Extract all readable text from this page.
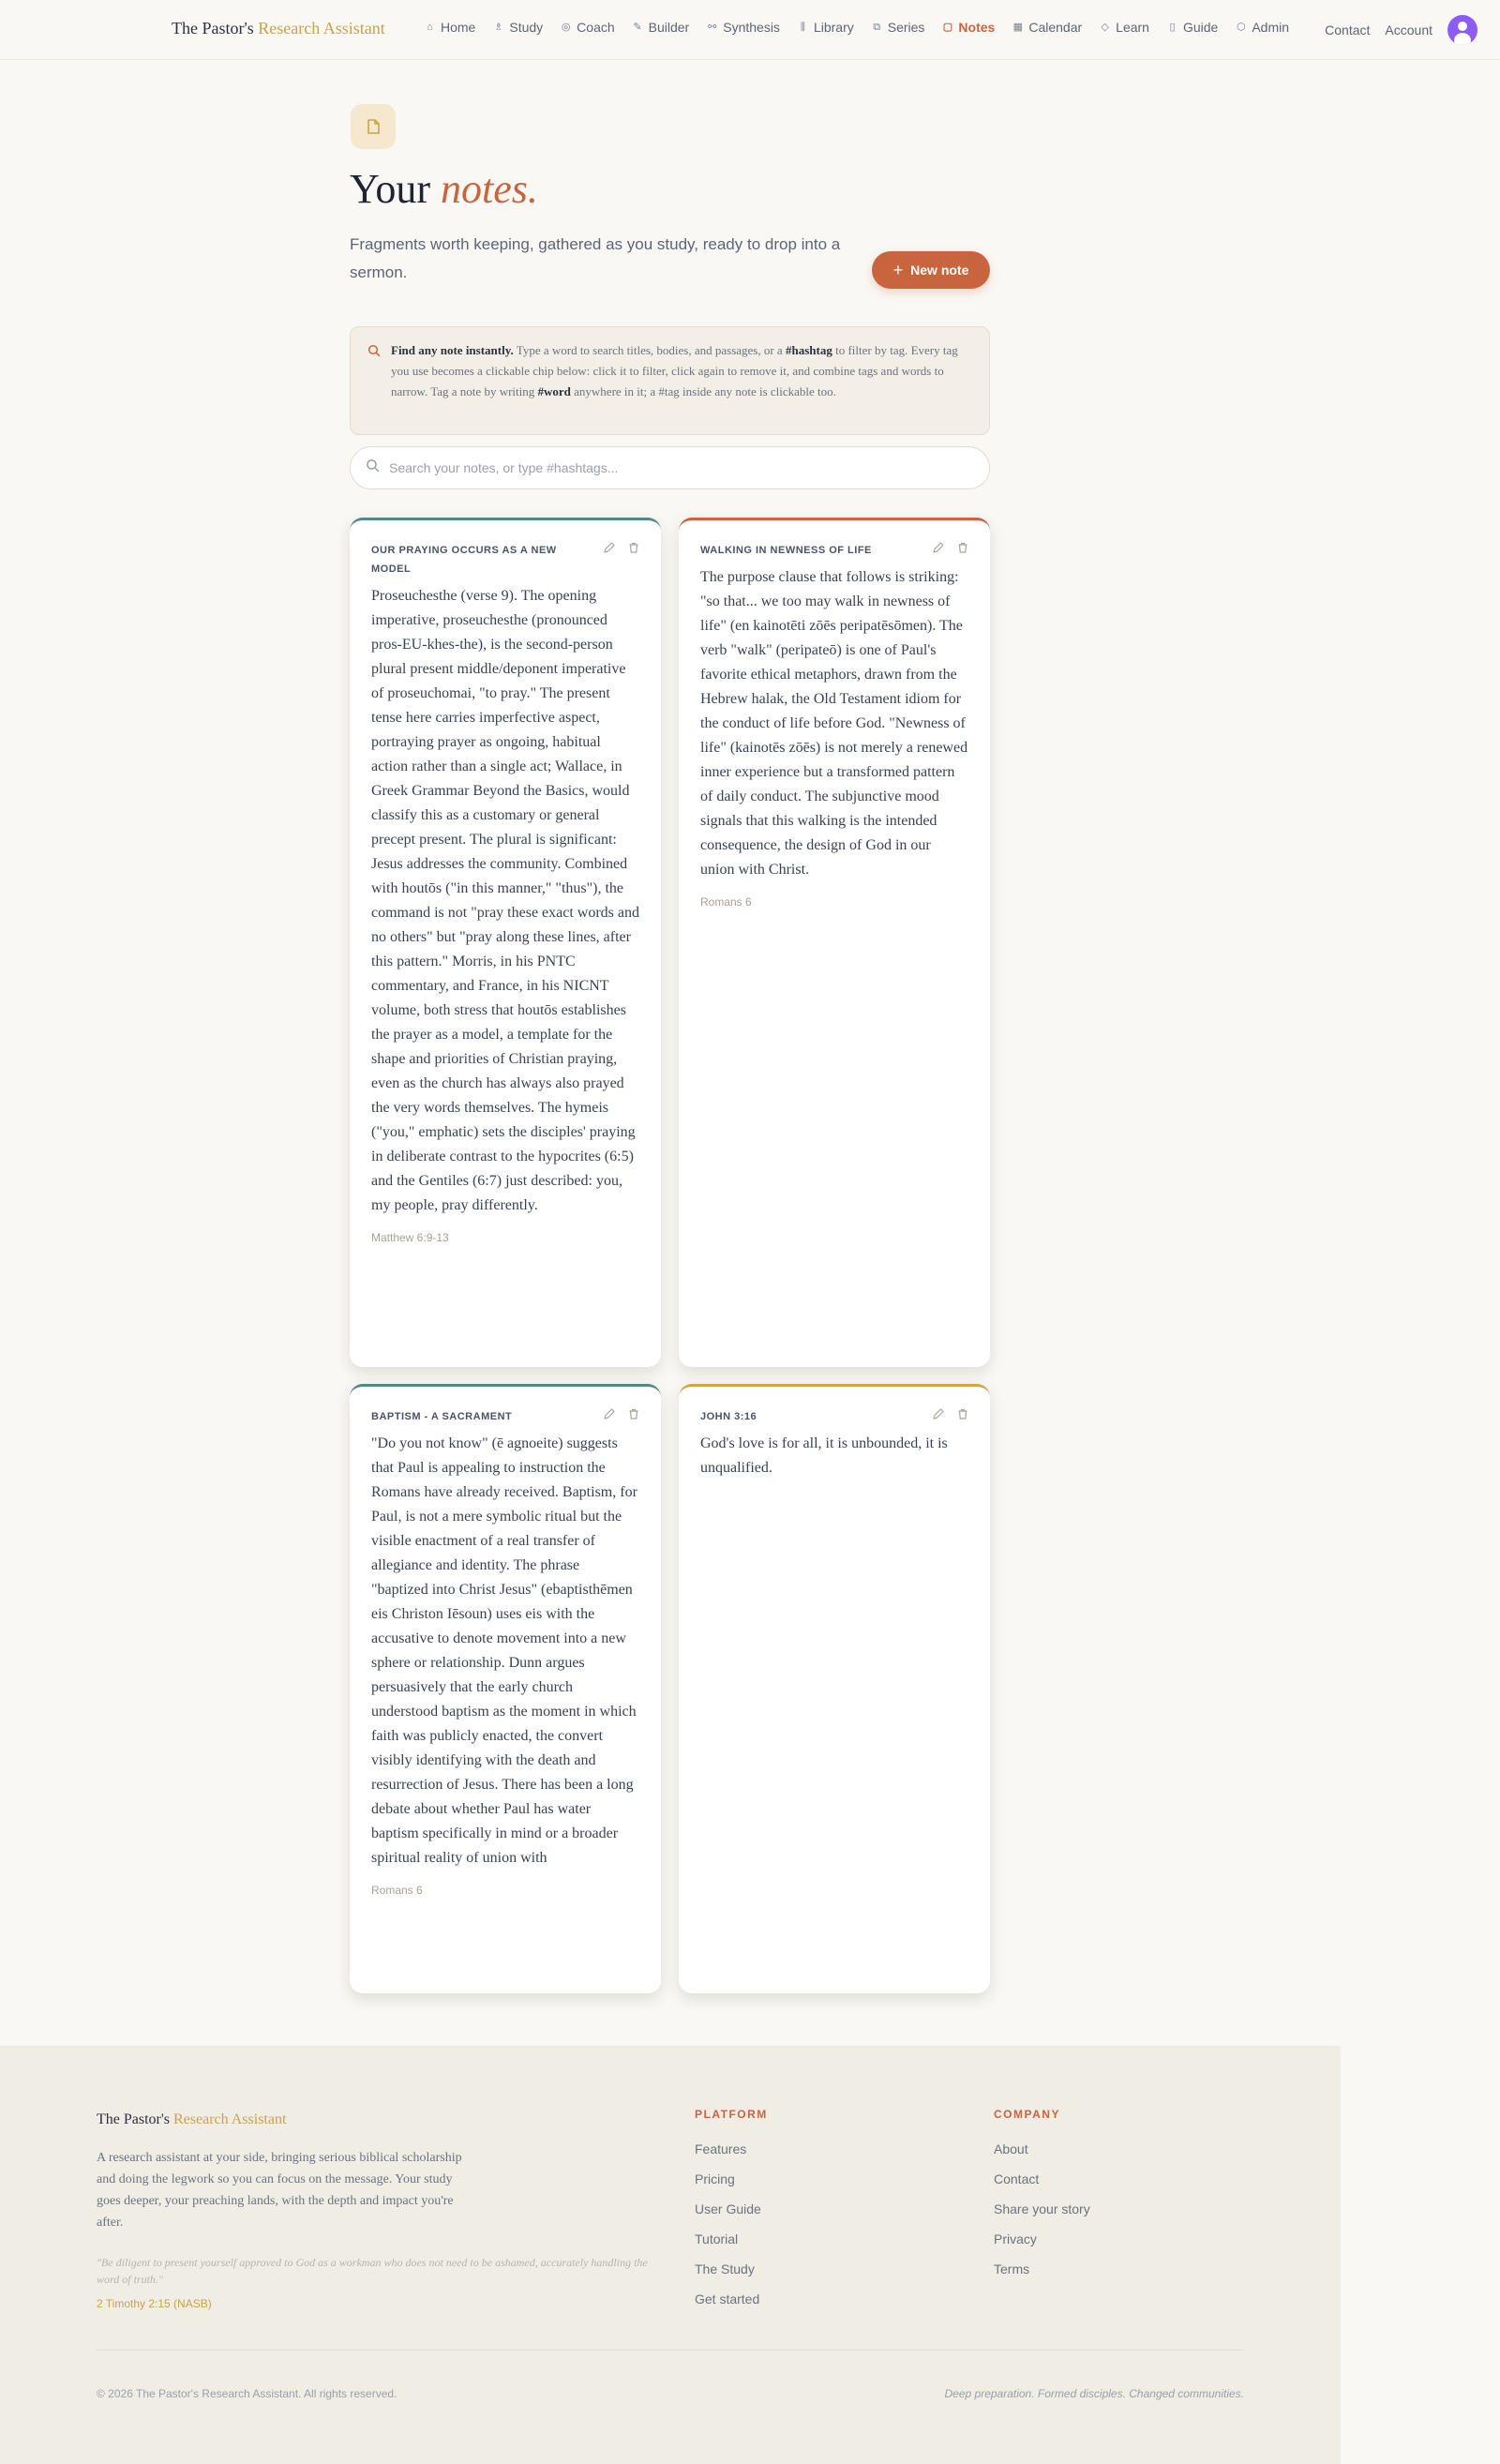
The Pastor's Research Assistant	⌂ Home ♗ Study ◎ Coach ✎ Builder ⚯ Synthesis	⫼ Library ⧉ Series ▢ Notes ▦ Calendar ◇ Learn	▯ Guide ⬡ Admin	Contact Account
Your notes.
Fragments worth keeping, gathered as you study, ready to drop into a sermon.	+ New note
Find any note instantly. Type a word to search titles, bodies, and passages, or a #hashtag to filter by tag. Every tag you use becomes a clickable chip below: click it to filter, click again to remove it, and combine tags and words to narrow. Tag a note by writing #word anywhere in it; a #tag inside any note is clickable too.
Search your notes, or type #hashtags...
OUR PRAYING OCCURS AS A NEW MODEL
Proseuchesthe (verse 9). The opening imperative, proseuchesthe (pronounced pros-EU-khes-the), is the second-person plural present middle/deponent imperative of proseuchomai, "to pray." The present tense here carries imperfective aspect, portraying prayer as ongoing, habitual action rather than a single act; Wallace, in Greek Grammar Beyond the Basics, would classify this as a customary or general precept present. The plural is significant: Jesus addresses the community. Combined with houtōs ("in this manner," "thus"), the command is not "pray these exact words and no others" but "pray along these lines, after this pattern." Morris, in his PNTC commentary, and France, in his NICNT volume, both stress that houtōs establishes the prayer as a model, a template for the shape and priorities of Christian praying, even as the church has always also prayed the very words themselves. The hymeis ("you," emphatic) sets the disciples' praying in deliberate contrast to the hypocrites (6:5) and the Gentiles (6:7) just described: you, my people, pray differently.
Matthew 6:9-13
WALKING IN NEWNESS OF LIFE
The purpose clause that follows is striking: "so that... we too may walk in newness of life" (en kainotēti zōēs peripatēsōmen). The verb "walk" (peripateō) is one of Paul's favorite ethical metaphors, drawn from the Hebrew halak, the Old Testament idiom for the conduct of life before God. "Newness of life" (kainotēs zōēs) is not merely a renewed inner experience but a transformed pattern of daily conduct. The subjunctive mood signals that this walking is the intended consequence, the design of God in our union with Christ.
Romans 6
BAPTISM - A SACRAMENT
"Do you not know" (ē agnoeite) suggests that Paul is appealing to instruction the Romans have already received. Baptism, for Paul, is not a mere symbolic ritual but the visible enactment of a real transfer of allegiance and identity. The phrase "baptized into Christ Jesus" (ebaptisthēmen eis Christon Iēsoun) uses eis with the accusative to denote movement into a new sphere or relationship. Dunn argues persuasively that the early church understood baptism as the moment in which faith was publicly enacted, the convert visibly identifying with the death and resurrection of Jesus. There has been a long debate about whether Paul has water baptism specifically in mind or a broader spiritual reality of union with
Romans 6
JOHN 3:16
God's love is for all, it is unbounded, it is unqualified.
The Pastor's Research Assistant
A research assistant at your side, bringing serious biblical scholarship and doing the legwork so you can focus on the message. Your study goes deeper, your preaching lands, with the depth and impact you're after.
"Be diligent to present yourself approved to God as a workman who does not need to be ashamed, accurately handling the word of truth."
2 Timothy 2:15 (NASB)
PLATFORM
Features
Pricing
User Guide
Tutorial
The Study
Get started
COMPANY
About
Contact
Share your story
Privacy
Terms
© 2026 The Pastor's Research Assistant. All rights reserved.	Deep preparation. Formed disciples. Changed communities.
